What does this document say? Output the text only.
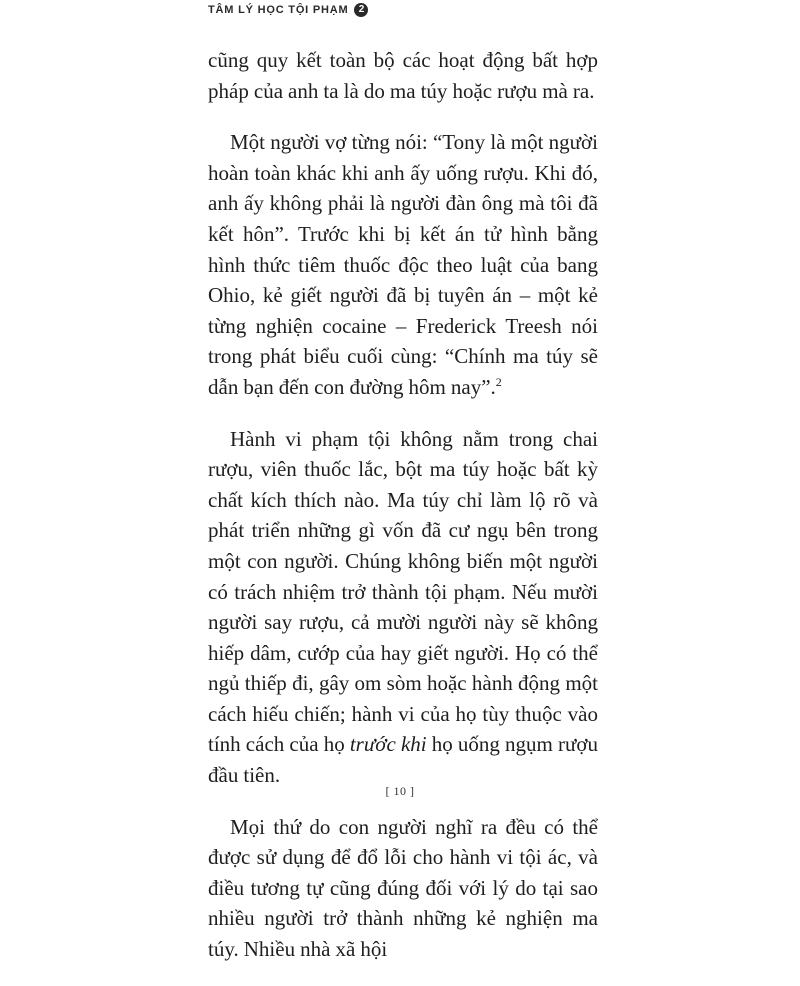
TÂM LÝ HỌC TỘI PHẠM	2

cũng quy kết toàn bộ các hoạt động bất hợp pháp của anh ta là do ma túy hoặc rượu mà ra.

Một người vợ từng nói: “Tony là một người hoàn toàn khác khi anh ấy uống rượu. Khi đó, anh ấy không phải là người đàn ông mà tôi đã kết hôn”. Trước khi bị kết án tử hình bằng hình thức tiêm thuốc độc theo luật của bang Ohio, kẻ giết người đã bị tuyên án – một kẻ từng nghiện cocaine – Frederick Treesh nói trong phát biểu cuối cùng: “Chính ma túy sẽ dẫn bạn đến con đường hôm nay”.$^2$

Hành vi phạm tội không nằm trong chai rượu, viên thuốc lắc, bột ma túy hoặc bất kỳ chất kích thích nào. Ma túy chỉ làm lộ rõ và phát triển những gì vốn đã cư ngụ bên trong một con người. Chúng không biến một người có trách nhiệm trở thành tội phạm. Nếu mười người say rượu, cả mười người này sẽ không hiếp dâm, cướp của hay giết người. Họ có thể ngủ thiếp đi, gây om sòm hoặc hành động một cách hiếu chiến; hành vi của họ tùy thuộc vào tính cách của họ trước khi họ uống ngụm rượu đầu tiên.

Mọi thứ do con người nghĩ ra đều có thể được sử dụng để đổ lỗi cho hành vi tội ác, và điều tương tự cũng đúng đối với lý do tại sao nhiều người trở thành những kẻ nghiện ma túy. Nhiều nhà xã hội

[ 10 ]
